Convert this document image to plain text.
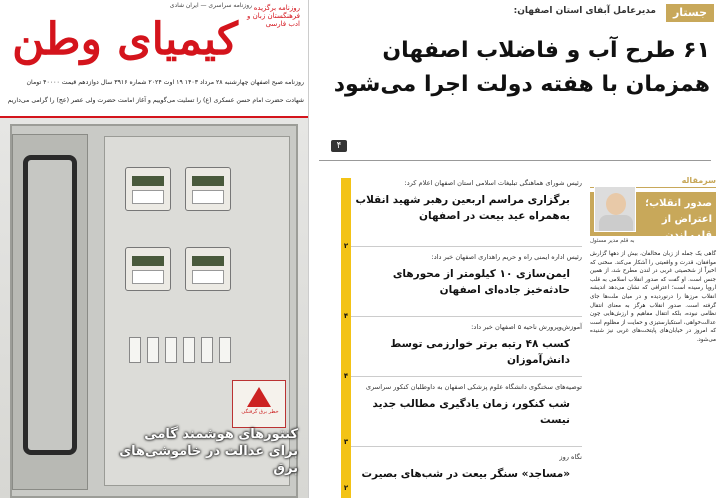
روزنامه سراسری — ایران شادی
کیمیای وطن
روزنامه برگزیده فرهنگستان زبان و ادب فارسی
روزنامه صبح اصفهان چهارشنبه ۲۸ مرداد ۱۴۰۳ ۱۹ اوت ۲۰۲۴ شماره ۳۹۱۶ سال دوازدهم قیمت ۴۰۰۰۰ تومان
شهادت حضرت امام حسن عسکری (ع) را تسلیت می‌گوییم و آغاز امامت حضرت ولی عصر (عج) را گرامی می‌داریم
خطر برق گرفتگی
کنتورهای هوشمند گامی برای عدالت در خاموشی‌های برق
جستار
مدیرعامل آبفای استان اصفهان:
۶۱ طرح آب و فاضلاب اصفهان همزمان با هفته دولت اجرا می‌شود
۴
سرمقاله
صدور انقلاب؛ اعتراض از قلب لندن
به قلم مدیر مسئول
گاهی یک جمله از زبان مخالفان، بیش از دهها گزارش موافقان، قدرت و واقعیتی را آشکار می‌کند. سخنی که اخیراً از شخصیتی غربی در لندن مطرح شد، از همین جنس است. او گفت که صدور انقلاب اسلامی به قلب اروپا رسیده است؛ اعترافی که نشان می‌دهد اندیشه انقلاب مرزها را درنوردیده و در میان ملت‌ها جای گرفته است. صدور انقلاب هرگز به معنای انتقال نظامی نبوده، بلکه انتقال مفاهیم و ارزش‌هایی چون عدالت‌خواهی، استکبارستیزی و حمایت از مظلوم است که امروز در خیابان‌های پایتخت‌های غربی نیز شنیده می‌شود.
رئیس شورای هماهنگی تبلیغات اسلامی استان اصفهان اعلام کرد:
برگزاری مراسم اربعین رهبر شهید انقلاب به‌همراه عید بیعت در اصفهان
رئیس اداره ایمنی راه و حریم راهداری اصفهان خبر داد:
ایمن‌سازی ۱۰ کیلومتر از محورهای حادثه‌خیز جاده‌ای اصفهان
آموزش‌وپرورش ناحیه ۵ اصفهان خبر داد:
کسب ۴۸ رتبه برتر خوارزمی توسط دانش‌آموزان
توصیه‌های سخنگوی دانشگاه علوم پزشکی اصفهان به داوطلبان کنکور سراسری
شب کنکور، زمان یادگیری مطالب جدید نیست
نگاه روز
«مساجد» سنگر بیعت در شب‌های بصیرت
۲
۴
۴
۳
۲
